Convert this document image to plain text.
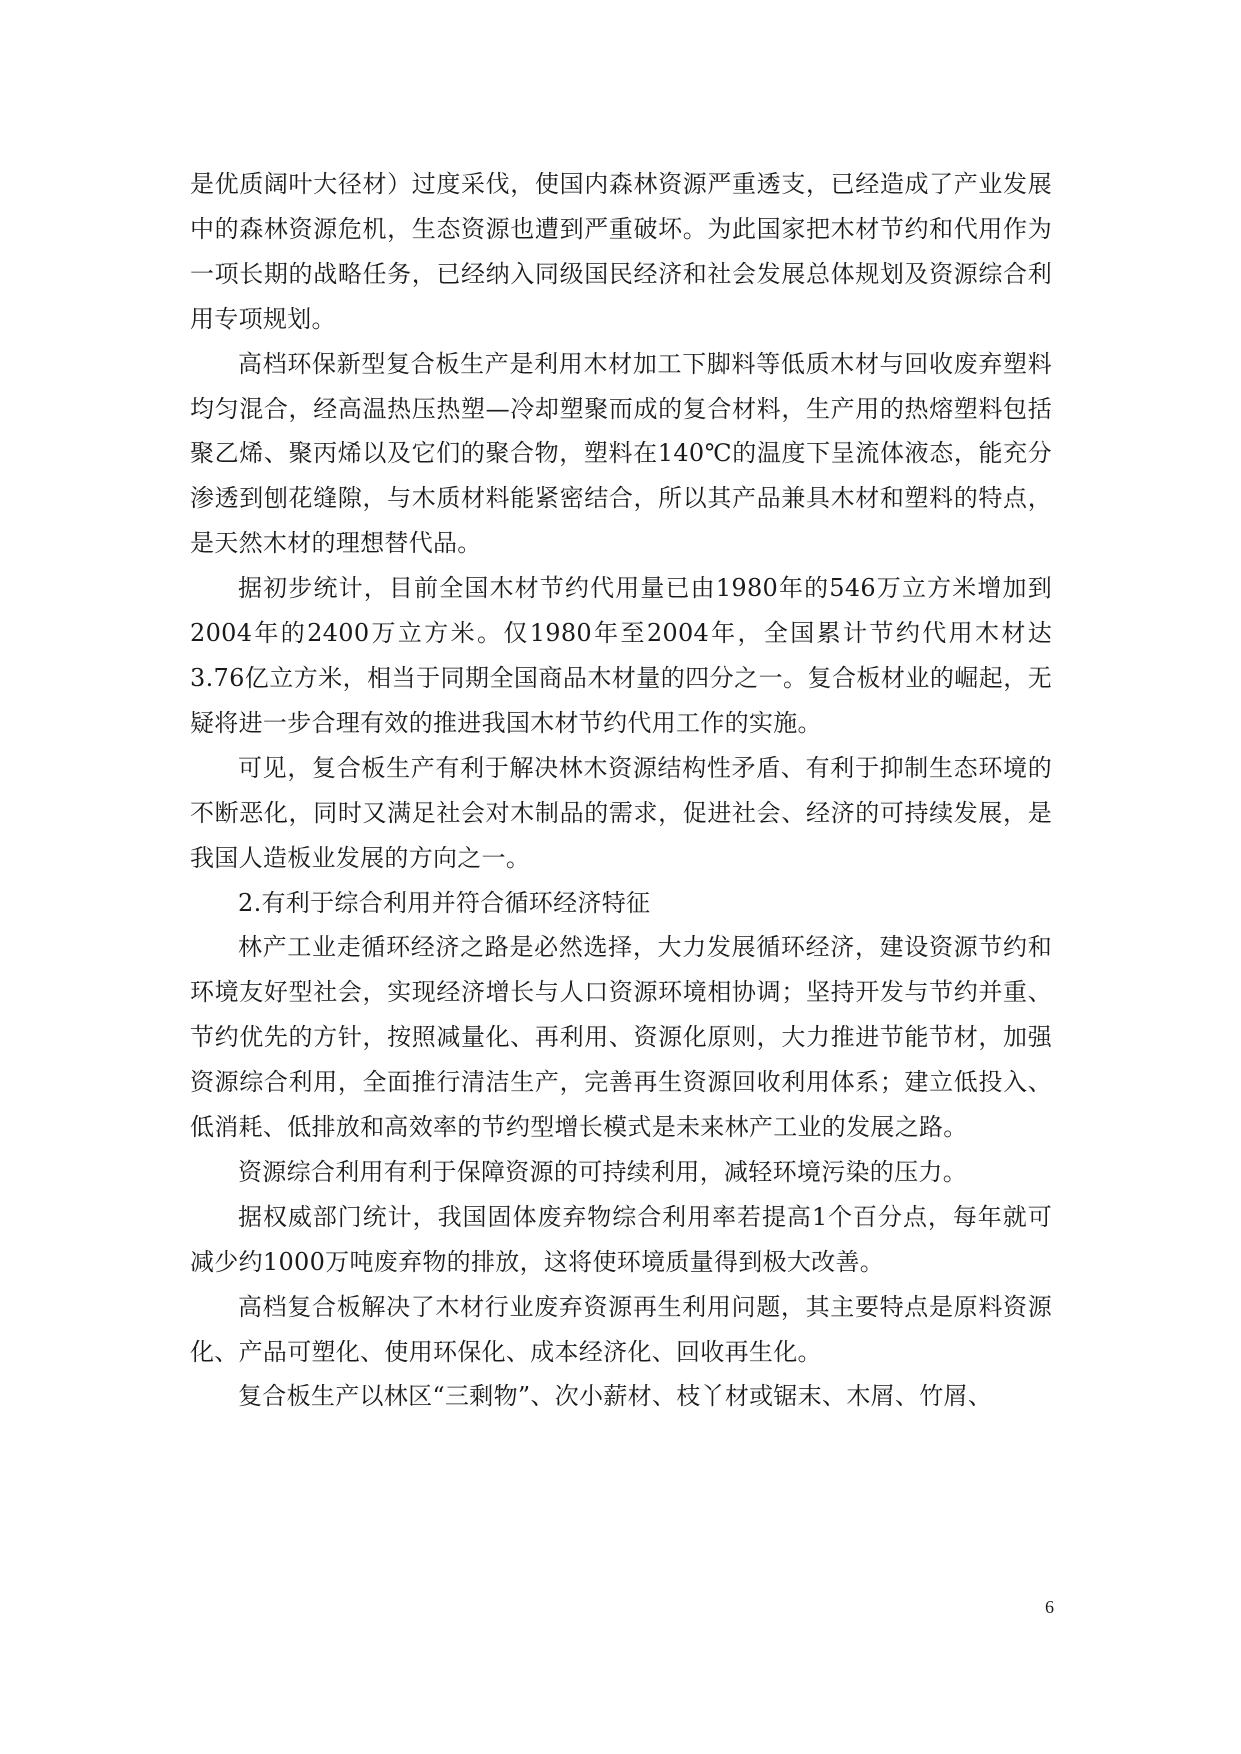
是优质阔叶大径材）过度采伐，使国内森林资源严重透支，已经造成了产业发展中的森林资源危机，生态资源也遭到严重破坏。为此国家把木材节约和代用作为一项长期的战略任务，已经纳入同级国民经济和社会发展总体规划及资源综合利用专项规划。

高档环保新型复合板生产是利用木材加工下脚料等低质木材与回收废弃塑料均匀混合，经高温热压热塑—冷却塑聚而成的复合材料，生产用的热熔塑料包括聚乙烯、聚丙烯以及它们的聚合物，塑料在140℃的温度下呈流体液态，能充分渗透到刨花缝隙，与木质材料能紧密结合，所以其产品兼具木材和塑料的特点，是天然木材的理想替代品。

据初步统计，目前全国木材节约代用量已由1980年的546万立方米增加到2004年的2400万立方米。仅1980年至2004年，全国累计节约代用木材达3.76亿立方米，相当于同期全国商品木材量的四分之一。复合板材业的崛起，无疑将进一步合理有效的推进我国木材节约代用工作的实施。

可见，复合板生产有利于解决林木资源结构性矛盾、有利于抑制生态环境的不断恶化，同时又满足社会对木制品的需求，促进社会、经济的可持续发展，是我国人造板业发展的方向之一。

2.有利于综合利用并符合循环经济特征

林产工业走循环经济之路是必然选择，大力发展循环经济，建设资源节约和环境友好型社会，实现经济增长与人口资源环境相协调；坚持开发与节约并重、节约优先的方针，按照减量化、再利用、资源化原则，大力推进节能节材，加强资源综合利用，全面推行清洁生产，完善再生资源回收利用体系；建立低投入、低消耗、低排放和高效率的节约型增长模式是未来林产工业的发展之路。

资源综合利用有利于保障资源的可持续利用，减轻环境污染的压力。

据权威部门统计，我国固体废弃物综合利用率若提高1个百分点，每年就可减少约1000万吨废弃物的排放，这将使环境质量得到极大改善。

高档复合板解决了木材行业废弃资源再生利用问题，其主要特点是原料资源化、产品可塑化、使用环保化、成本经济化、回收再生化。

复合板生产以林区“三剩物”、次小薪材、枝丫材或锯末、木屑、竹屑、

6
